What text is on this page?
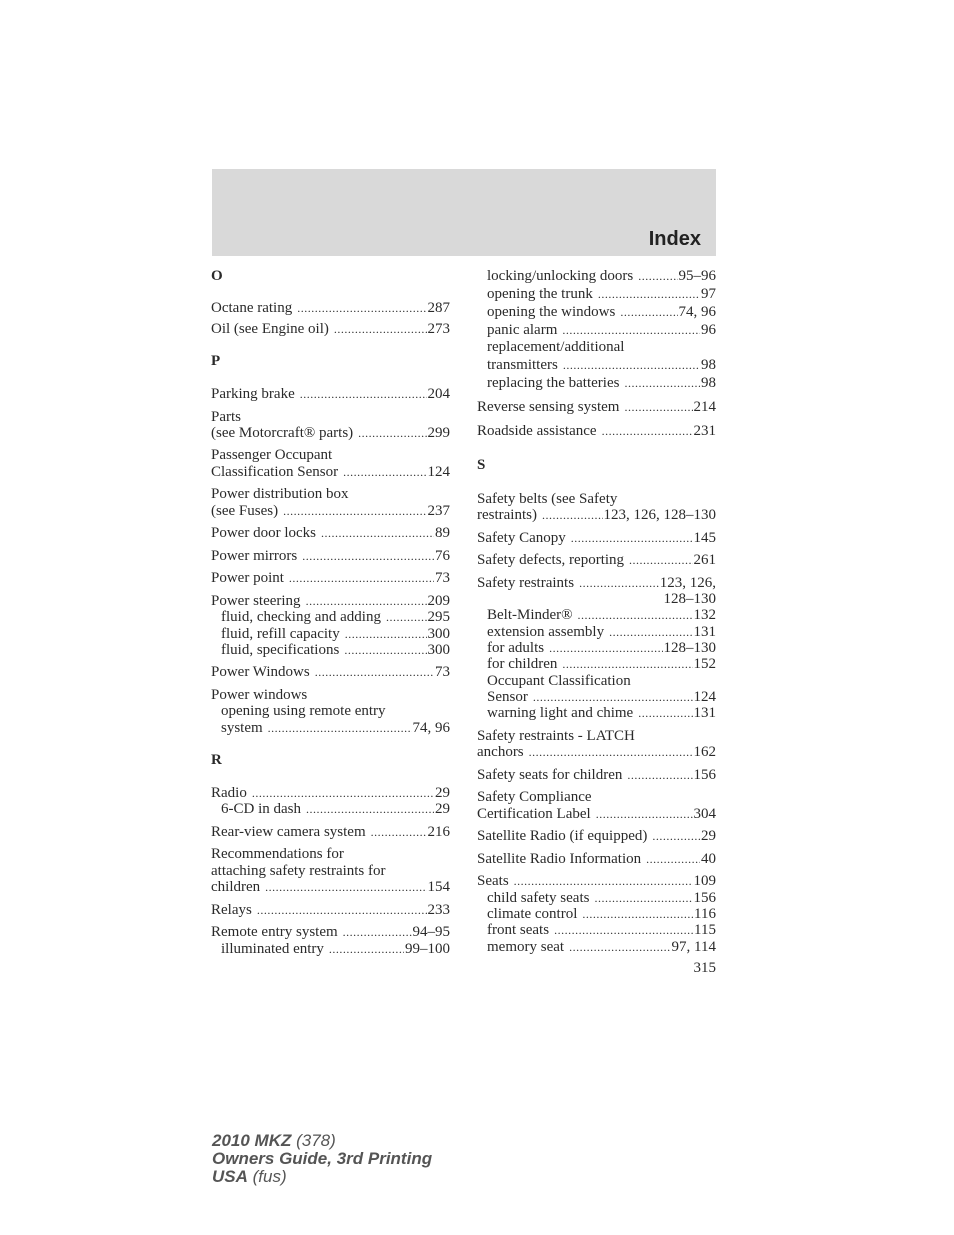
Index
O
Octane rating .....	287
Oil (see Engine oil) .....	273
P
Parking brake .....	204
Parts
(see Motorcraft® parts) .....	299
Passenger Occupant
Classification Sensor .....	124
Power distribution box
(see Fuses) .....	237
Power door locks .....	89
Power mirrors .....	76
Power point .....	73
Power steering .....	209
fluid, checking and adding .....	295
fluid, refill capacity .....	300
fluid, specifications .....	300
Power Windows .....	73
Power windows
opening using remote entry
system .....	74, 96
R
Radio .....	29
6-CD in dash .....	29
Rear-view camera system .....	216
Recommendations for
attaching safety restraints for
children .....	154
Relays .....	233
Remote entry system .....	94–95
illuminated entry .....	99–100
locking/unlocking doors .....	95–96
opening the trunk .....	97
opening the windows .....	74, 96
panic alarm .....	96
replacement/additional
transmitters .....	98
replacing the batteries .....	98
Reverse sensing system .....	214
Roadside assistance .....	231
S
Safety belts (see Safety
restraints) .....	123, 126, 128–130
Safety Canopy .....	145
Safety defects, reporting .....	261
Safety restraints .....	123, 126,
128–130
Belt-Minder® .....	132
extension assembly .....	131
for adults .....	128–130
for children .....	152
Occupant Classification
Sensor .....	124
warning light and chime .....	131
Safety restraints - LATCH
anchors .....	162
Safety seats for children .....	156
Safety Compliance
Certification Label .....	304
Satellite Radio (if equipped) .....	29
Satellite Radio Information .....	40
Seats .....	109
child safety seats .....	156
climate control .....	116
front seats .....	115
memory seat .....	97, 114
315
2010 MKZ (378)
Owners Guide, 3rd Printing
USA (fus)
